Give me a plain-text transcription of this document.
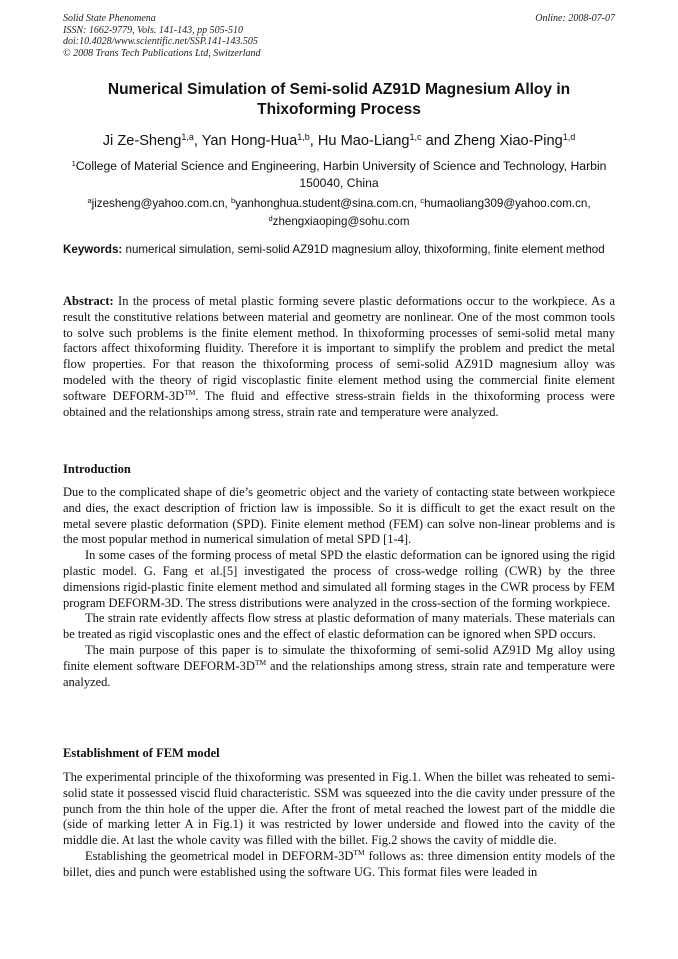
Solid State Phenomena
ISSN: 1662-9779, Vols. 141-143, pp 505-510
doi:10.4028/www.scientific.net/SSP.141-143.505
© 2008 Trans Tech Publications Ltd, Switzerland
Online: 2008-07-07
Numerical Simulation of Semi-solid AZ91D Magnesium Alloy in
Thixoforming Process
Ji Ze-Sheng$^{1,a}$, Yan Hong-Hua$^{1,b}$, Hu Mao-Liang$^{1,c}$ and Zheng Xiao-Ping$^{1,d}$
$^1$College of Material Science and Engineering, Harbin University of Science and Technology, Harbin
150040, China
$^a$jizesheng@yahoo.com.cn, $^b$yanhonghua.student@sina.com.cn, $^c$humaoliang309@yahoo.com.cn,
$^d$zhengxiaoping@sohu.com
Keywords: numerical simulation, semi-solid AZ91D magnesium alloy, thixoforming, finite element method
Abstract: In the process of metal plastic forming severe plastic deformations occur to the workpiece. As a result the constitutive relations between material and geometry are nonlinear. One of the most common tools to solve such problems is the finite element method. In thixoforming processes of semi-solid metal many factors affect thixoforming fluidity. Therefore it is important to simplify the problem and predict the metal flow properties. For that reason the thixoforming process of semi-solid AZ91D magnesium alloy was modeled with the theory of rigid viscoplastic finite element method using the commercial finite element software DEFORM-3D™. The fluid and effective stress-strain fields in the thixoforming process were obtained and the relationships among stress, strain rate and temperature were analyzed.
Introduction

Due to the complicated shape of die’s geometric object and the variety of contacting state between workpiece and dies, the exact description of friction law is impossible. So it is difficult to get the exact result on the metal severe plastic deformation (SPD). Finite element method (FEM) can solve non-linear problems and is the most popular method in numerical simulation of metal SPD [1-4].

In some cases of the forming process of metal SPD the elastic deformation can be ignored using the rigid plastic model. G. Fang et al.[5] investigated the process of cross-wedge rolling (CWR) by the three dimensions rigid-plastic finite element method and simulated all forming stages in the CWR process by FEM program DEFORM-3D. The stress distributions were analyzed in the cross-section of the forming workpiece.

The strain rate evidently affects flow stress at plastic deformation of many materials. These materials can be treated as rigid viscoplastic ones and the effect of elastic deformation can be ignored when SPD occurs.

The main purpose of this paper is to simulate the thixoforming of semi-solid AZ91D Mg alloy using finite element software DEFORM-3D™ and the relationships among stress, strain rate and temperature were analyzed.

Establishment of FEM model

The experimental principle of the thixoforming was presented in Fig.1. When the billet was reheated to semi-solid state it possessed viscid fluid characteristic. SSM was squeezed into the die cavity under pressure of the punch from the thin hole of the upper die. After the front of metal reached the lowest part of the middle die (side of marking letter A in Fig.1) it was restricted by lower underside and flowed into the cavity of the middle die. At last the whole cavity was filled with the billet. Fig.2 shows the cavity of middle die.

Establishing the geometrical model in DEFORM-3D™ follows as: three dimension entity models of the billet, dies and punch were established using the software UG. This format files were leaded in
